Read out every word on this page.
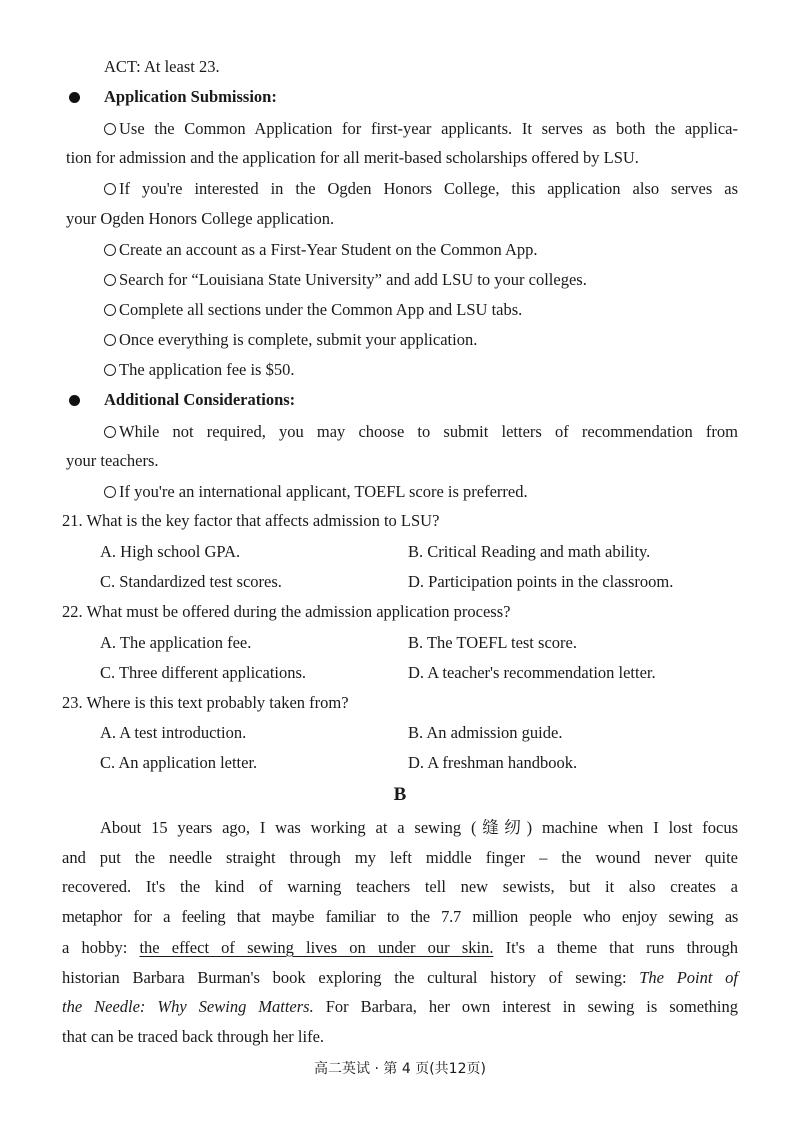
ACT: At least 23.
Application Submission:
Use the Common Application for first-year applicants. It serves as both the applica-
tion for admission and the application for all merit-based scholarships offered by LSU.
If you're interested in the Ogden Honors College, this application also serves as
your Ogden Honors College application.
Create an account as a First-Year Student on the Common App.
Search for “Louisiana State University” and add LSU to your colleges.
Complete all sections under the Common App and LSU tabs.
Once everything is complete, submit your application.
The application fee is $50.
Additional Considerations:
While not required, you may choose to submit letters of recommendation from
your teachers.
If you're an international applicant, TOEFL score is preferred.
21. What is the key factor that affects admission to LSU?
A. High school GPA.	B. Critical Reading and math ability.
C. Standardized test scores.	D. Participation points in the classroom.
22. What must be offered during the admission application process?
A. The application fee.	B. The TOEFL test score.
C. Three different applications.	D. A teacher's recommendation letter.
23. Where is this text probably taken from?
A. A test introduction.	B. An admission guide.
C. An application letter.	D. A freshman handbook.
B
About 15 years ago, I was working at a sewing (缝纫) machine when I lost focus
and put the needle straight through my left middle finger – the wound never quite
recovered. It's the kind of warning teachers tell new sewists, but it also creates a
metaphor for a feeling that maybe familiar to the 7.7 million people who enjoy sewing as
a hobby: the effect of sewing lives on under our skin. It's a theme that runs through
historian Barbara Burman's book exploring the cultural history of sewing: The Point of
the Needle: Why Sewing Matters. For Barbara, her own interest in sewing is something
that can be traced back through her life.
高二英试 · 第 4 页(共12页)
